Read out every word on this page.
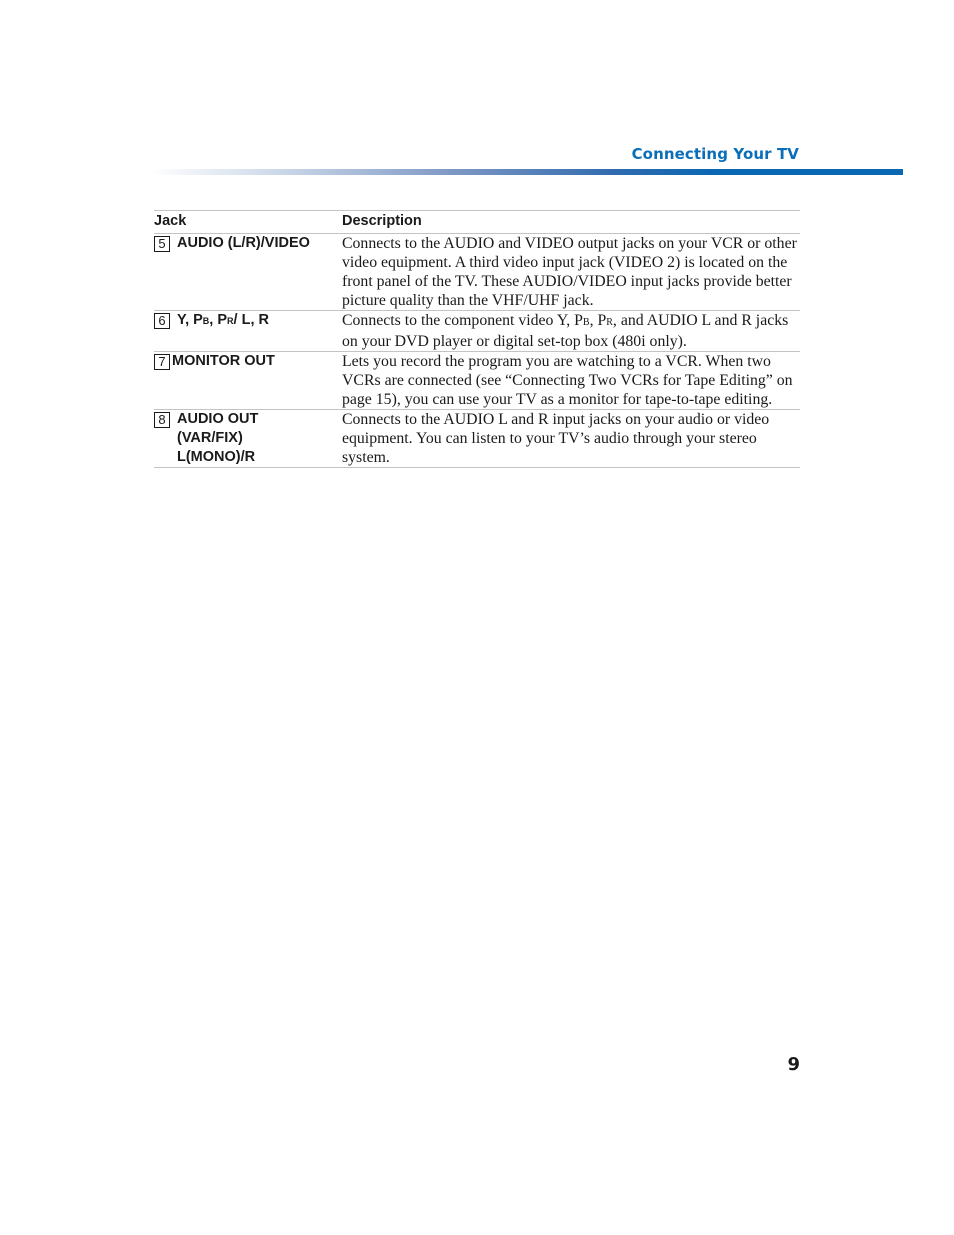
Connecting Your TV
Jack	Description

5 AUDIO (L/R)/VIDEO	Connects to the AUDIO and VIDEO output jacks on your VCR or other video equipment. A third video input jack (VIDEO 2) is located on the front panel of the TV. These AUDIO/VIDEO input jacks provide better picture quality than the VHF/UHF jack.

6 Y, PB, PR/ L, R	Connects to the component video Y, PB, PR, and AUDIO L and R jacks on your DVD player or digital set-top box (480i only).

7 MONITOR OUT	Lets you record the program you are watching to a VCR. When two VCRs are connected (see “Connecting Two VCRs for Tape Editing” on page 15), you can use your TV as a monitor for tape-to-tape editing.

8 AUDIO OUT
(VAR/FIX)
L(MONO)/R	Connects to the AUDIO L and R input jacks on your audio or video equipment. You can listen to your TV’s audio through your stereo system.
9
